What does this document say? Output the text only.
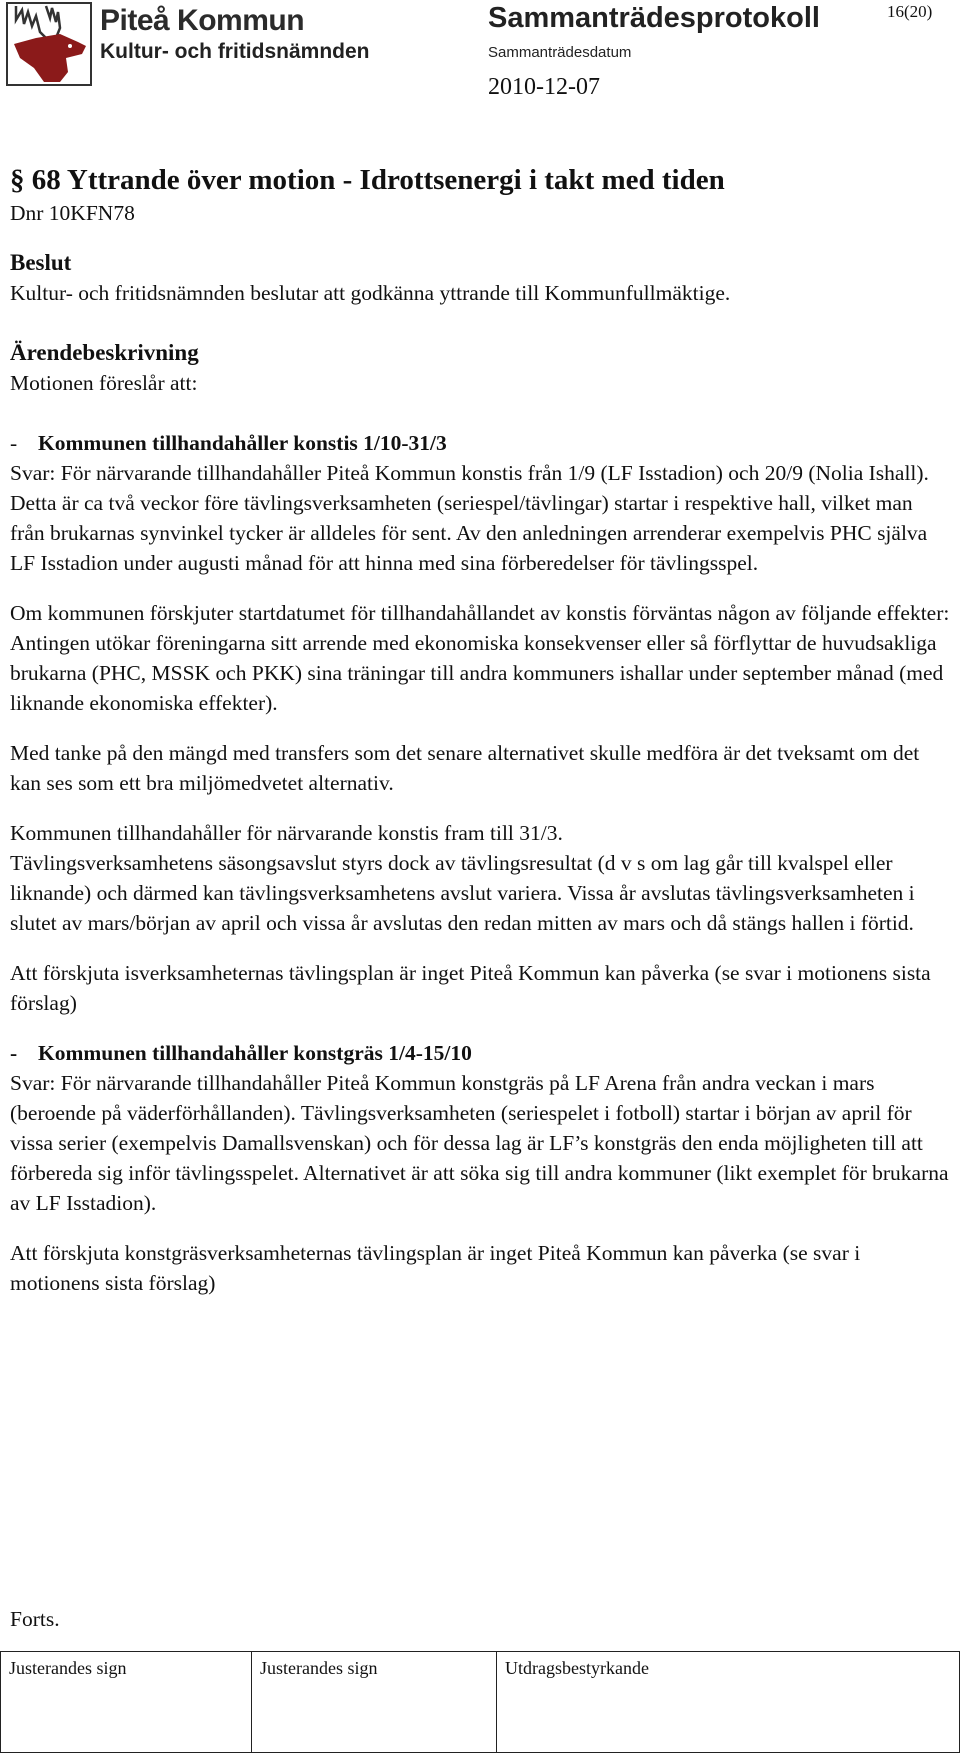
Piteå Kommun
Kultur- och fritidsnämnden
Sammanträdesprotokoll	16(20)
Sammanträdesdatum
2010-12-07

§ 68 Yttrande över motion - Idrottsenergi i takt med tiden

Dnr 10KFN78

Beslut

Kultur- och fritidsnämnden beslutar att godkänna yttrande till Kommunfullmäktige.

Ärendebeskrivning

Motionen föreslår att:

- Kommunen tillhandahåller konstis 1/10-31/3

Svar: För närvarande tillhandahåller Piteå Kommun konstis från 1/9 (LF Isstadion) och 20/9 (Nolia Ishall). Detta är ca två veckor före tävlingsverksamheten (seriespel/tävlingar) startar i respektive hall, vilket man från brukarnas synvinkel tycker är alldeles för sent. Av den anledningen arrenderar exempelvis PHC själva LF Isstadion under augusti månad för att hinna med sina förberedelser för tävlingsspel.

Om kommunen förskjuter startdatumet för tillhandahållandet av konstis förväntas någon av följande effekter:

Antingen utökar föreningarna sitt arrende med ekonomiska konsekvenser eller så förflyttar de huvudsakliga brukarna (PHC, MSSK och PKK) sina träningar till andra kommuners ishallar under september månad (med liknande ekonomiska effekter).

Med tanke på den mängd med transfers som det senare alternativet skulle medföra är det tveksamt om det kan ses som ett bra miljömedvetet alternativ.

Kommunen tillhandahåller för närvarande konstis fram till 31/3.

Tävlingsverksamhetens säsongsavslut styrs dock av tävlingsresultat (d v s om lag går till kvalspel eller liknande) och därmed kan tävlingsverksamhetens avslut variera. Vissa år avslutas tävlingsverksamheten i slutet av mars/början av april och vissa år avslutas den redan mitten av mars och då stängs hallen i förtid.

Att förskjuta isverksamheternas tävlingsplan är inget Piteå Kommun kan påverka (se svar i motionens sista förslag)

- Kommunen tillhandahåller konstgräs 1/4-15/10

Svar: För närvarande tillhandahåller Piteå Kommun konstgräs på LF Arena från andra veckan i mars (beroende på väderförhållanden). Tävlingsverksamheten (seriespelet i fotboll) startar i början av april för vissa serier (exempelvis Damallsvenskan) och för dessa lag är LF’s konstgräs den enda möjligheten till att förbereda sig inför tävlingsspelet. Alternativet är att söka sig till andra kommuner (likt exemplet för brukarna av LF Isstadion).

Att förskjuta konstgräsverksamheternas tävlingsplan är inget Piteå Kommun kan påverka (se svar i motionens sista förslag)

Forts.
Justerandes sign	Justerandes sign	Utdragsbestyrkande
